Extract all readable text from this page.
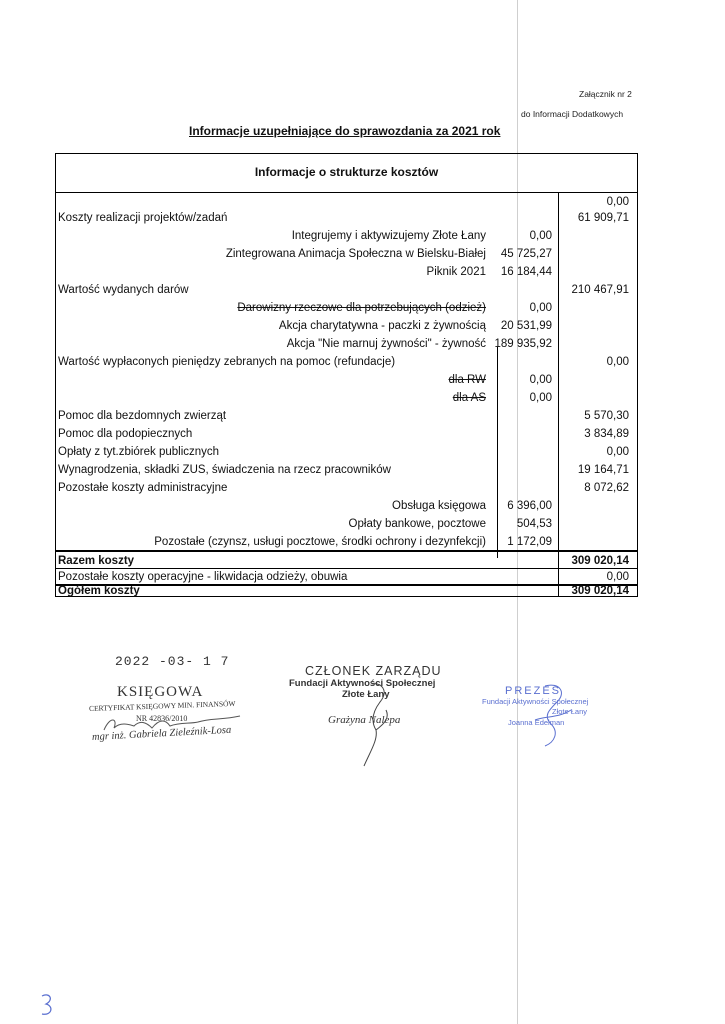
Załącznik nr 2
do Informacji Dodatkowych
Informacje uzupełniające do sprawozdania za 2021 rok
Informacje o strukturze kosztów
0,00
Koszty realizacji projektów/zadań	61 909,71
Integrujemy i aktywizujemy Złote Łany	0,00
Zintegrowana Animacja Społeczna w Bielsku-Białej 45 725,27
Piknik 2021 16 184,44
Wartość wydanych darów	210 467,91
Darowizny rzeczowe dla potrzebujących (odzież)	0,00
Akcja charytatywna - paczki z żywnością 20 531,99
Akcja "Nie marnuj żywności" - żywność 189 935,92
Wartość wypłaconych pieniędzy zebranych na pomoc (refundacje)	0,00
dla RW	0,00
dla AS	0,00
Pomoc dla bezdomnych zwierząt	5 570,30
Pomoc dla podopiecznych	3 834,89
Opłaty z tyt.zbiórek publicznych	0,00
Wynagrodzenia, składki ZUS, świadczenia na rzecz pracowników	19 164,71
Pozostałe koszty administracyjne	8 072,62
Obsługa księgowa 6 396,00
Opłaty bankowe, pocztowe	504,53
Pozostałe (czynsz, usługi pocztowe, środki ochrony i dezynfekcji) 1 172,09
Razem koszty	309 020,14
Pozostałe koszty operacyjne - likwidacja odzieży, obuwia	0,00
Ogółem koszty	309 020,14
2022 -03- 1 7
KSIĘGOWA
CERTYFIKAT KSIĘGOWY MIN. FINANSÓW
NR 42836/2010
mgr inż. Gabriela Zieleźnik-Losa
CZŁONEK ZARZĄDU
Fundacji Aktywności Społecznej
Złote Łany
Grażyna Nalepa
PREZES
Fundacji Aktywności Społecznej
Złote Łany
Joanna Edelman
